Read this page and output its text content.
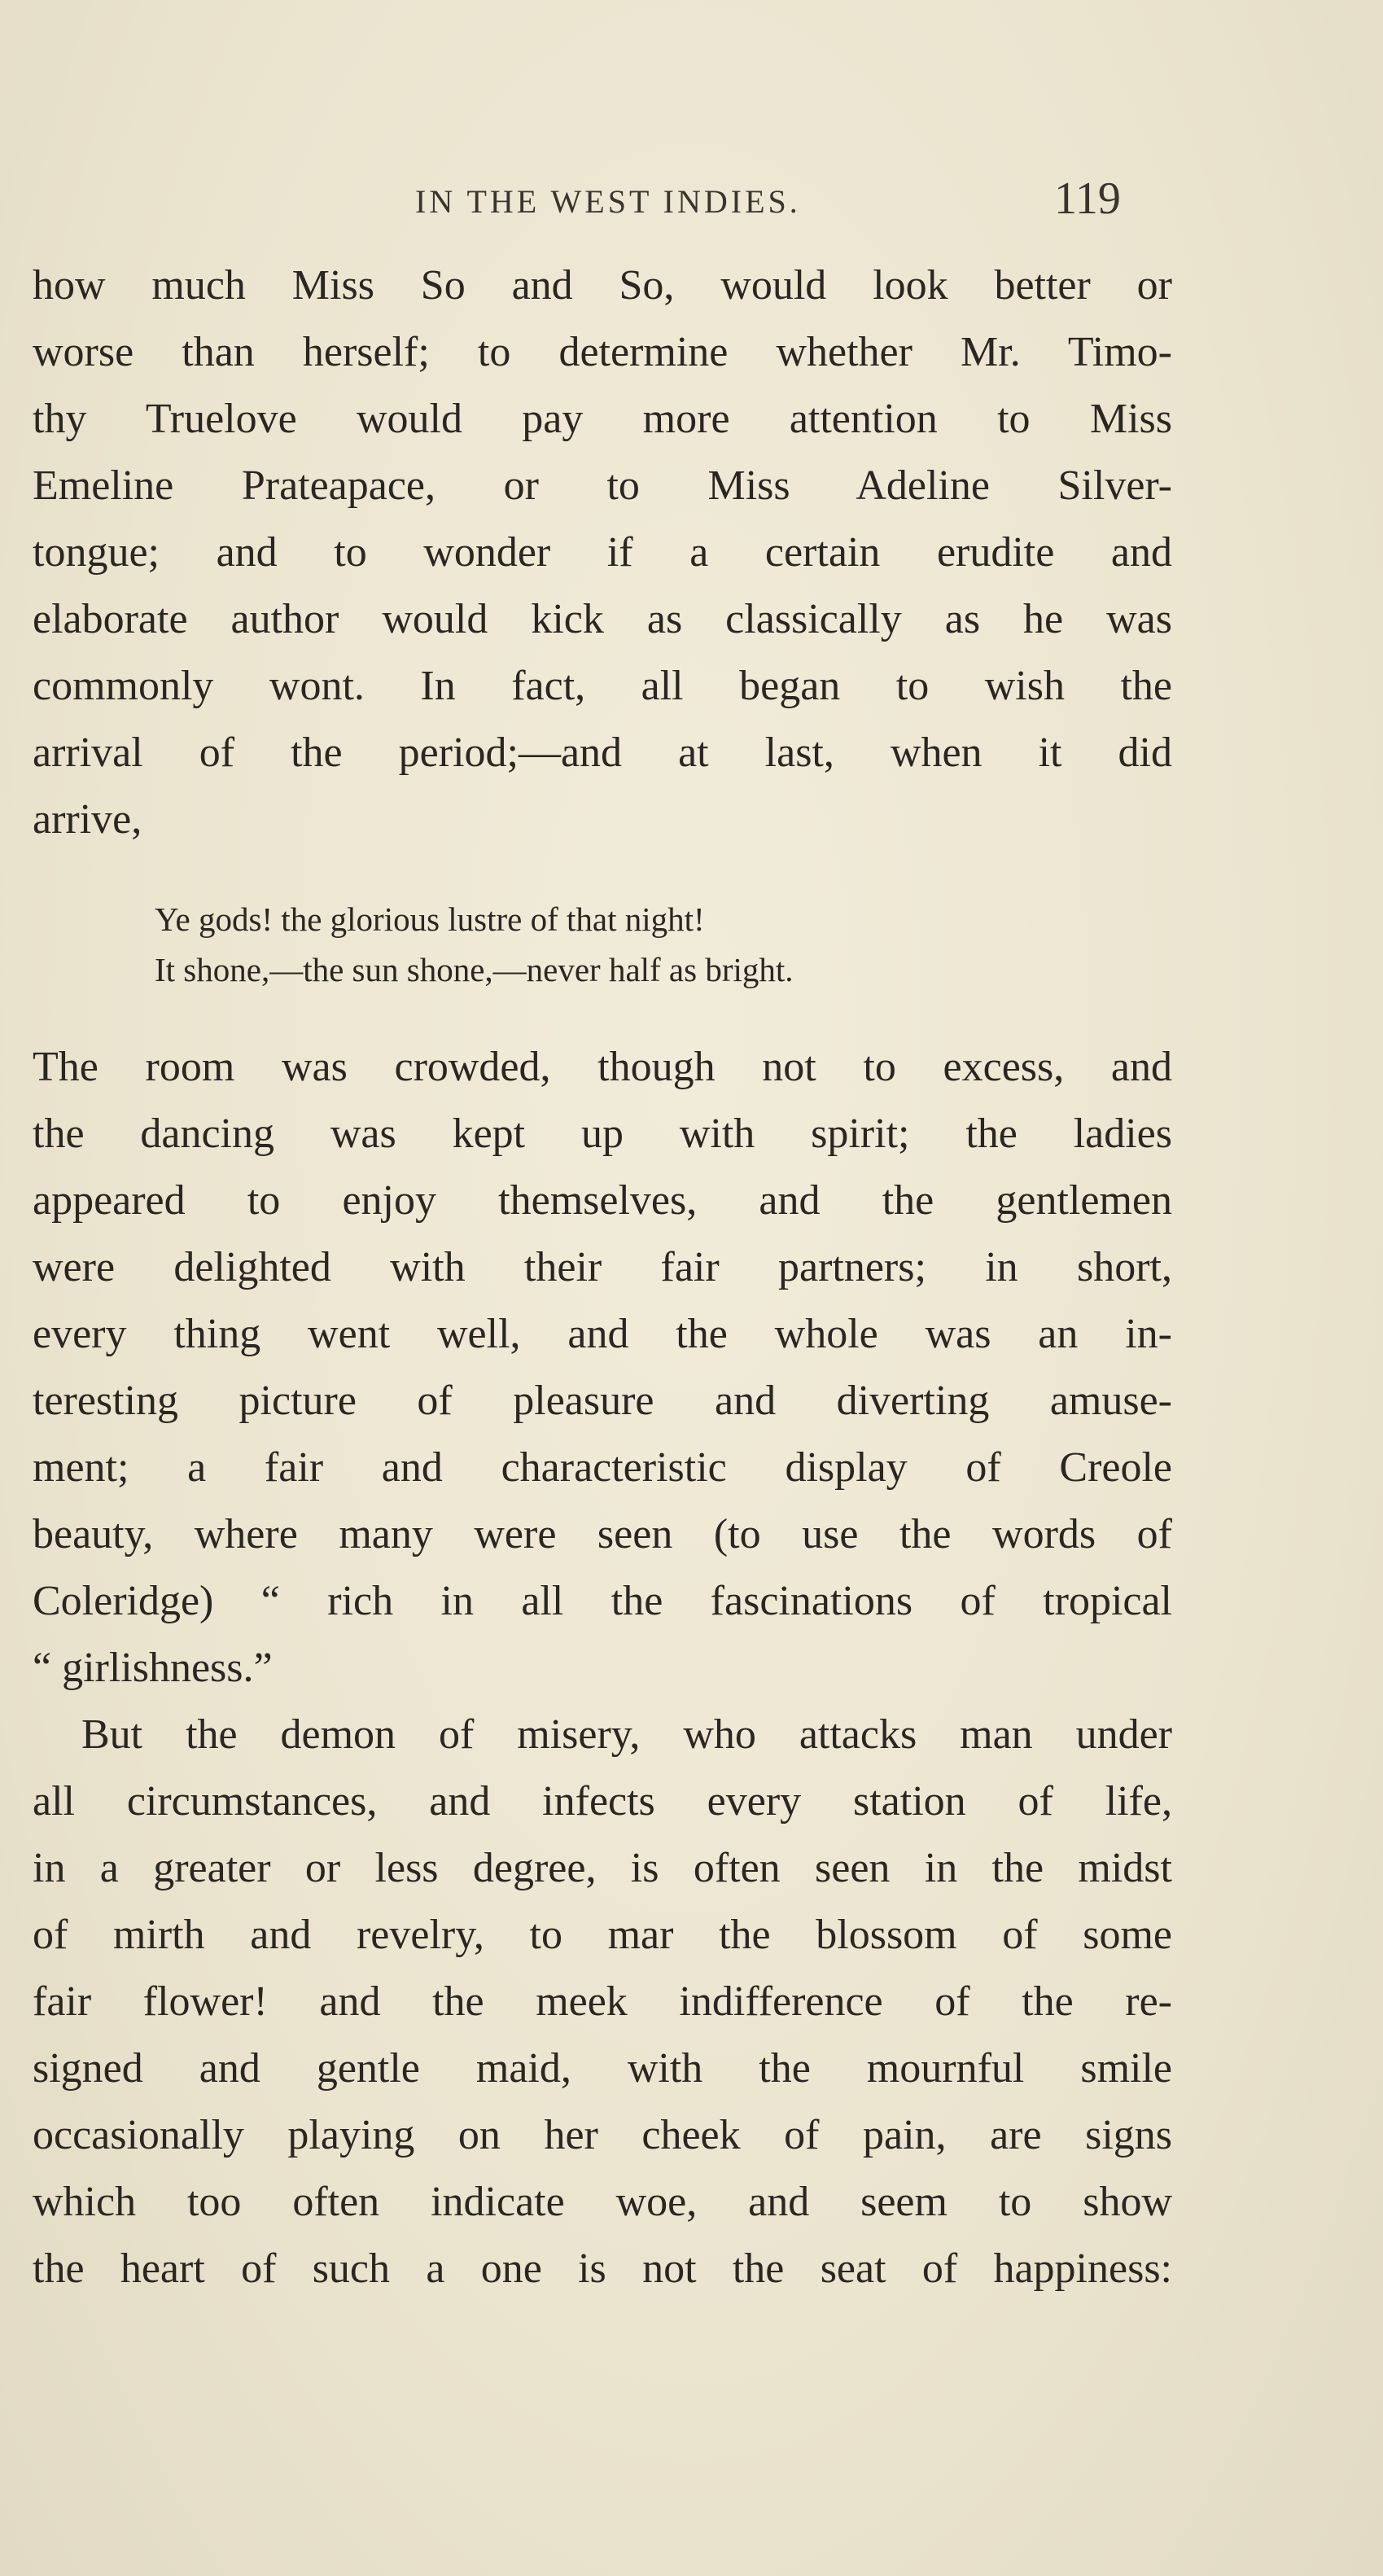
IN THE WEST INDIES.	119
how much Miss So and So, would look better or
worse than herself; to determine whether Mr. Timo-
thy Truelove would pay more attention to Miss
Emeline Prateapace, or to Miss Adeline Silver-
tongue; and to wonder if a certain erudite and
elaborate author would kick as classically as he was
commonly wont. In fact, all began to wish the
arrival of the period;—and at last, when it did
arrive,
Ye gods! the glorious lustre of that night!
It shone,—the sun shone,—never half as bright.
The room was crowded, though not to excess, and
the dancing was kept up with spirit; the ladies
appeared to enjoy themselves, and the gentlemen
were delighted with their fair partners; in short,
every thing went well, and the whole was an in-
teresting picture of pleasure and diverting amuse-
ment; a fair and characteristic display of Creole
beauty, where many were seen (to use the words of
Coleridge) “ rich in all the fascinations of tropical
“ girlishness.”
But the demon of misery, who attacks man under
all circumstances, and infects every station of life,
in a greater or less degree, is often seen in the midst
of mirth and revelry, to mar the blossom of some
fair flower! and the meek indifference of the re-
signed and gentle maid, with the mournful smile
occasionally playing on her cheek of pain, are signs
which too often indicate woe, and seem to show
the heart of such a one is not the seat of happiness:
